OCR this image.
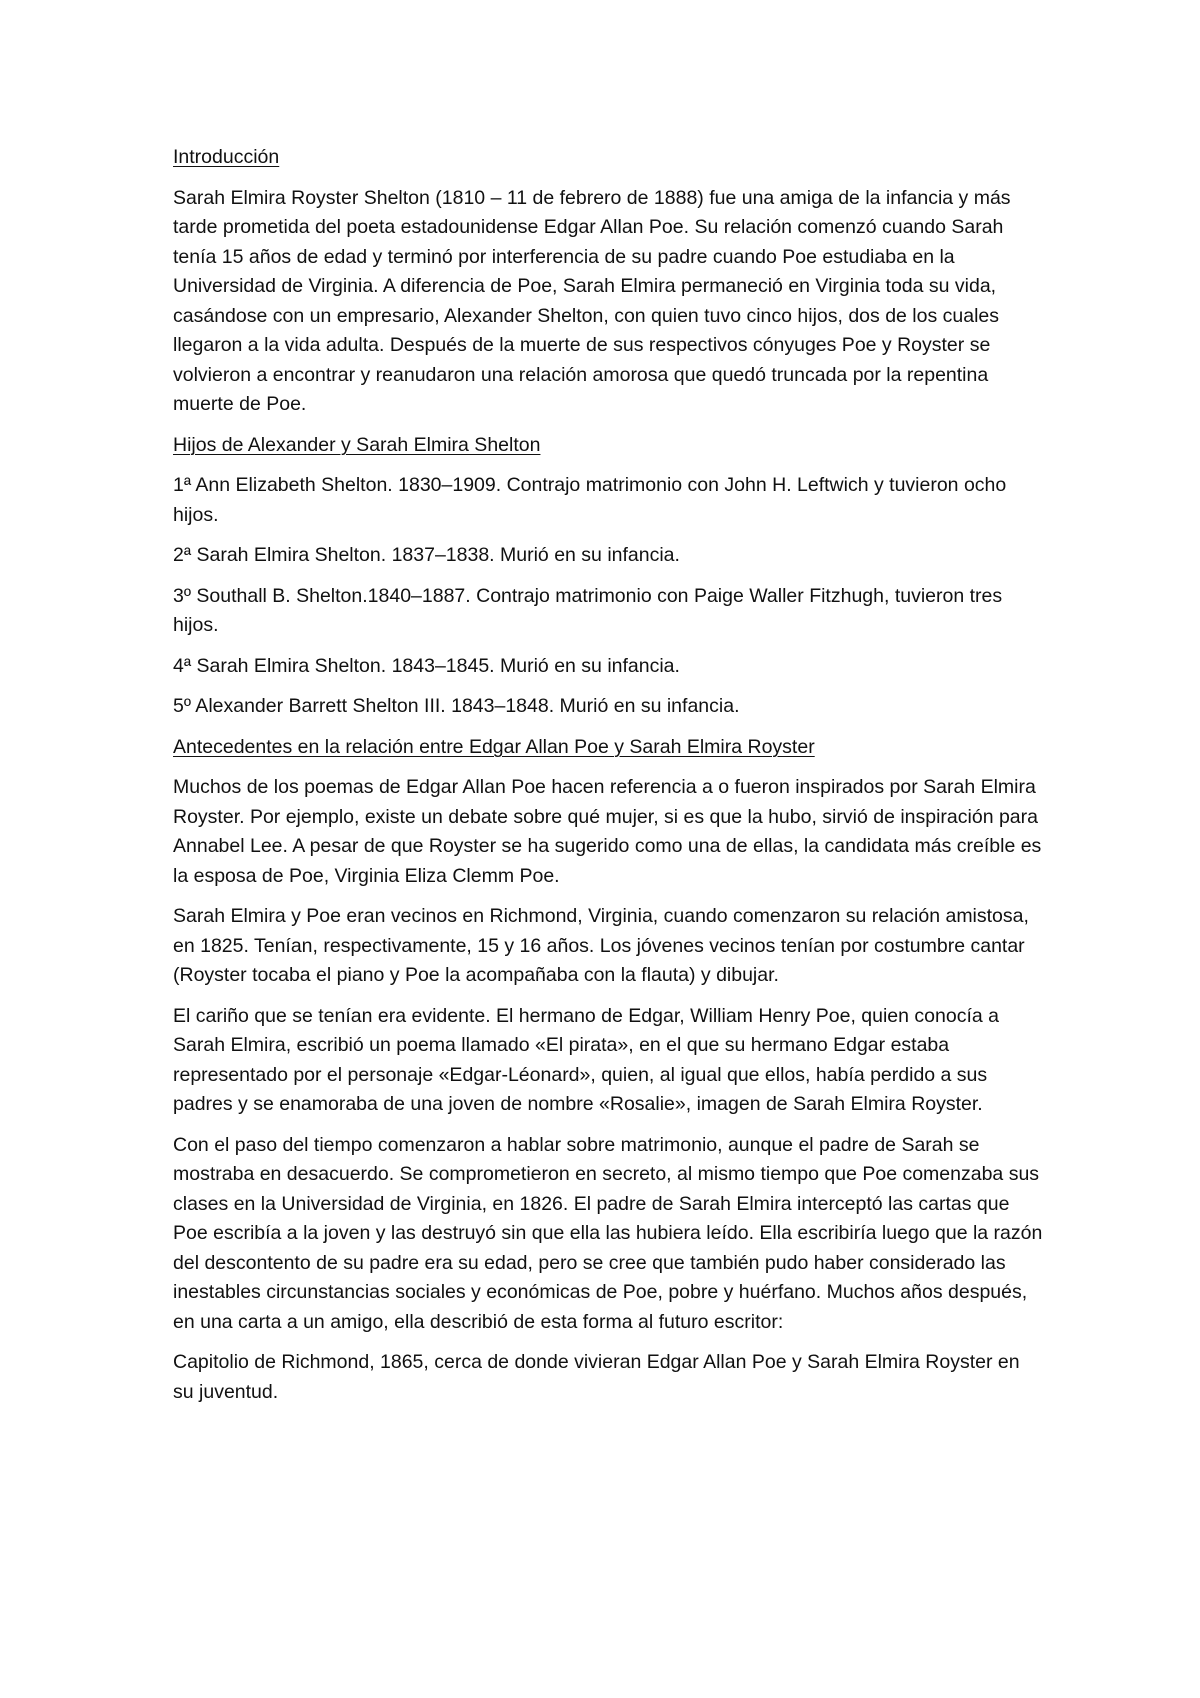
Introducción

Sarah Elmira Royster Shelton (1810 – 11 de febrero de 1888) fue una amiga de la infancia y más tarde prometida del poeta estadounidense Edgar Allan Poe. Su relación comenzó cuando Sarah tenía 15 años de edad y terminó por interferencia de su padre cuando Poe estudiaba en la Universidad de Virginia. A diferencia de Poe, Sarah Elmira permaneció en Virginia toda su vida, casándose con un empresario, Alexander Shelton, con quien tuvo cinco hijos, dos de los cuales llegaron a la vida adulta. Después de la muerte de sus respectivos cónyuges Poe y Royster se volvieron a encontrar y reanudaron una relación amorosa que quedó truncada por la repentina muerte de Poe.

Hijos de Alexander y Sarah Elmira Shelton

1ª Ann Elizabeth Shelton. 1830–1909. Contrajo matrimonio con John H. Leftwich y tuvieron ocho hijos.

2ª Sarah Elmira Shelton. 1837–1838. Murió en su infancia.

3º Southall B. Shelton.1840–1887. Contrajo matrimonio con Paige Waller Fitzhugh, tuvieron tres hijos.

4ª Sarah Elmira Shelton. 1843–1845. Murió en su infancia.

5º Alexander Barrett Shelton III. 1843–1848. Murió en su infancia.

Antecedentes en la relación entre Edgar Allan Poe y Sarah Elmira Royster

Muchos de los poemas de Edgar Allan Poe hacen referencia a o fueron inspirados por Sarah Elmira Royster. Por ejemplo, existe un debate sobre qué mujer, si es que la hubo, sirvió de inspiración para Annabel Lee. A pesar de que Royster se ha sugerido como una de ellas, la candidata más creíble es la esposa de Poe, Virginia Eliza Clemm Poe.

Sarah Elmira y Poe eran vecinos en Richmond, Virginia, cuando comenzaron su relación amistosa, en 1825. Tenían, respectivamente, 15 y 16 años. Los jóvenes vecinos tenían por costumbre cantar (Royster tocaba el piano y Poe la acompañaba con la flauta) y dibujar.

El cariño que se tenían era evidente. El hermano de Edgar, William Henry Poe, quien conocía a Sarah Elmira, escribió un poema llamado «El pirata», en el que su hermano Edgar estaba representado por el personaje «Edgar-Léonard», quien, al igual que ellos, había perdido a sus padres y se enamoraba de una joven de nombre «Rosalie», imagen de Sarah Elmira Royster.

Con el paso del tiempo comenzaron a hablar sobre matrimonio, aunque el padre de Sarah se mostraba en desacuerdo. Se comprometieron en secreto, al mismo tiempo que Poe comenzaba sus clases en la Universidad de Virginia, en 1826. El padre de Sarah Elmira interceptó las cartas que Poe escribía a la joven y las destruyó sin que ella las hubiera leído. Ella escribiría luego que la razón del descontento de su padre era su edad, pero se cree que también pudo haber considerado las inestables circunstancias sociales y económicas de Poe, pobre y huérfano. Muchos años después, en una carta a un amigo, ella describió de esta forma al futuro escritor:

Capitolio de Richmond, 1865, cerca de donde vivieran Edgar Allan Poe y Sarah Elmira Royster en su juventud.
